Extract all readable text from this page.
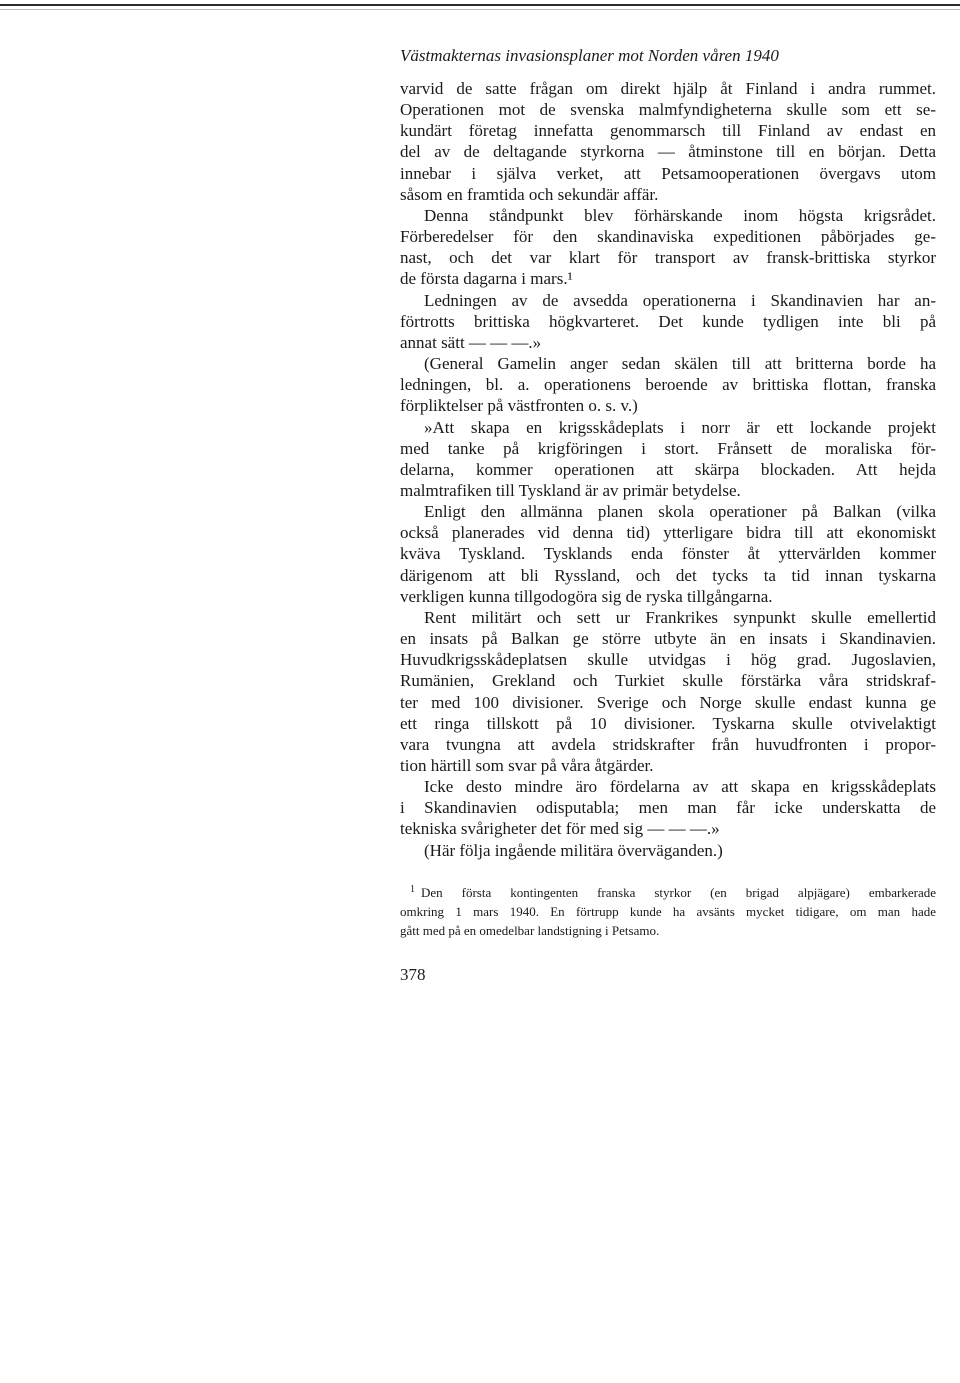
Västmakternas invasionsplaner mot Norden våren 1940

varvid de satte frågan om direkt hjälp åt Finland i andra rummet.
Operationen mot de svenska malmfyndigheterna skulle som ett se-
kundärt företag innefatta genommarsch till Finland av endast en
del av de deltagande styrkorna — åtminstone till en början. Detta
innebar i själva verket, att Petsamooperationen övergavs utom
såsom en framtida och sekundär affär.

Denna ståndpunkt blev förhärskande inom högsta krigsrådet.
Förberedelser för den skandinaviska expeditionen påbörjades ge-
nast, och det var klart för transport av fransk-brittiska styrkor
de första dagarna i mars.¹

Ledningen av de avsedda operationerna i Skandinavien har an-
förtrotts brittiska högkvarteret. Det kunde tydligen inte bli på
annat sätt — — —.»

(General Gamelin anger sedan skälen till att britterna borde ha
ledningen, bl. a. operationens beroende av brittiska flottan, franska
förpliktelser på västfronten o. s. v.)

»Att skapa en krigsskådeplats i norr är ett lockande projekt
med tanke på krigföringen i stort. Frånsett de moraliska för-
delarna, kommer operationen att skärpa blockaden. Att hejda
malmtrafiken till Tyskland är av primär betydelse.

Enligt den allmänna planen skola operationer på Balkan (vilka
också planerades vid denna tid) ytterligare bidra till att ekonomiskt
kväva Tyskland. Tysklands enda fönster åt yttervärlden kommer
därigenom att bli Ryssland, och det tycks ta tid innan tyskarna
verkligen kunna tillgodogöra sig de ryska tillgångarna.

Rent militärt och sett ur Frankrikes synpunkt skulle emellertid
en insats på Balkan ge större utbyte än en insats i Skandinavien.
Huvudkrigsskådeplatsen skulle utvidgas i hög grad. Jugoslavien,
Rumänien, Grekland och Turkiet skulle förstärka våra stridskraf-
ter med 100 divisioner. Sverige och Norge skulle endast kunna ge
ett ringa tillskott på 10 divisioner. Tyskarna skulle otvivelaktigt
vara tvungna att avdela stridskrafter från huvudfronten i propor-
tion härtill som svar på våra åtgärder.

Icke desto mindre äro fördelarna av att skapa en krigsskådeplats
i Skandinavien odisputabla; men man får icke underskatta de
tekniska svårigheter det för med sig — — —.»

(Här följa ingående militära överväganden.)

$^1$ Den första kontingenten franska styrkor (en brigad alpjägare) embarkerade
omkring 1 mars 1940. En förtrupp kunde ha avsänts mycket tidigare, om man hade
gått med på en omedelbar landstigning i Petsamo.
378
